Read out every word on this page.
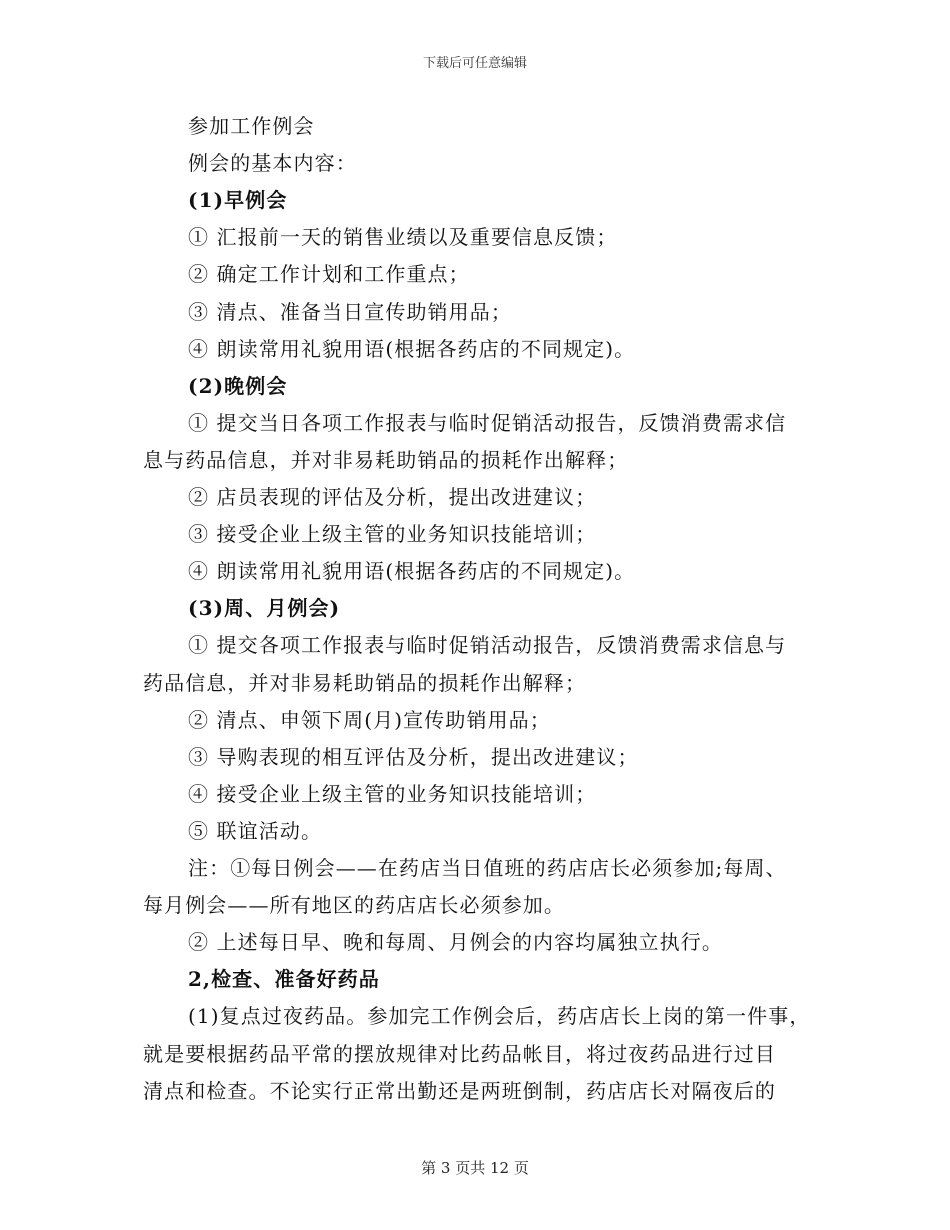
下载后可任意编辑
参加工作例会
例会的基本内容：
(1)早例会
① 汇报前一天的销售业绩以及重要信息反馈；
② 确定工作计划和工作重点；
③ 清点、准备当日宣传助销用品；
④ 朗读常用礼貌用语(根据各药店的不同规定)。
(2)晚例会
① 提交当日各项工作报表与临时促销活动报告，反馈消费需求信
息与药品信息，并对非易耗助销品的损耗作出解释；
② 店员表现的评估及分析，提出改进建议；
③ 接受企业上级主管的业务知识技能培训；
④ 朗读常用礼貌用语(根据各药店的不同规定)。
(3)周、月例会)
① 提交各项工作报表与临时促销活动报告，反馈消费需求信息与
药品信息，并对非易耗助销品的损耗作出解释；
② 清点、申领下周(月)宣传助销用品；
③ 导购表现的相互评估及分析，提出改进建议；
④ 接受企业上级主管的业务知识技能培训；
⑤ 联谊活动。
注：①每日例会——在药店当日值班的药店店长必须参加;每周、
每月例会——所有地区的药店店长必须参加。
② 上述每日早、晚和每周、月例会的内容均属独立执行。
2,检查、准备好药品
(1)复点过夜药品。参加完工作例会后，药店店长上岗的第一件事，
就是要根据药品平常的摆放规律对比药品帐目，将过夜药品进行过目
清点和检查。不论实行正常出勤还是两班倒制，药店店长对隔夜后的
第 3 页共 12 页
